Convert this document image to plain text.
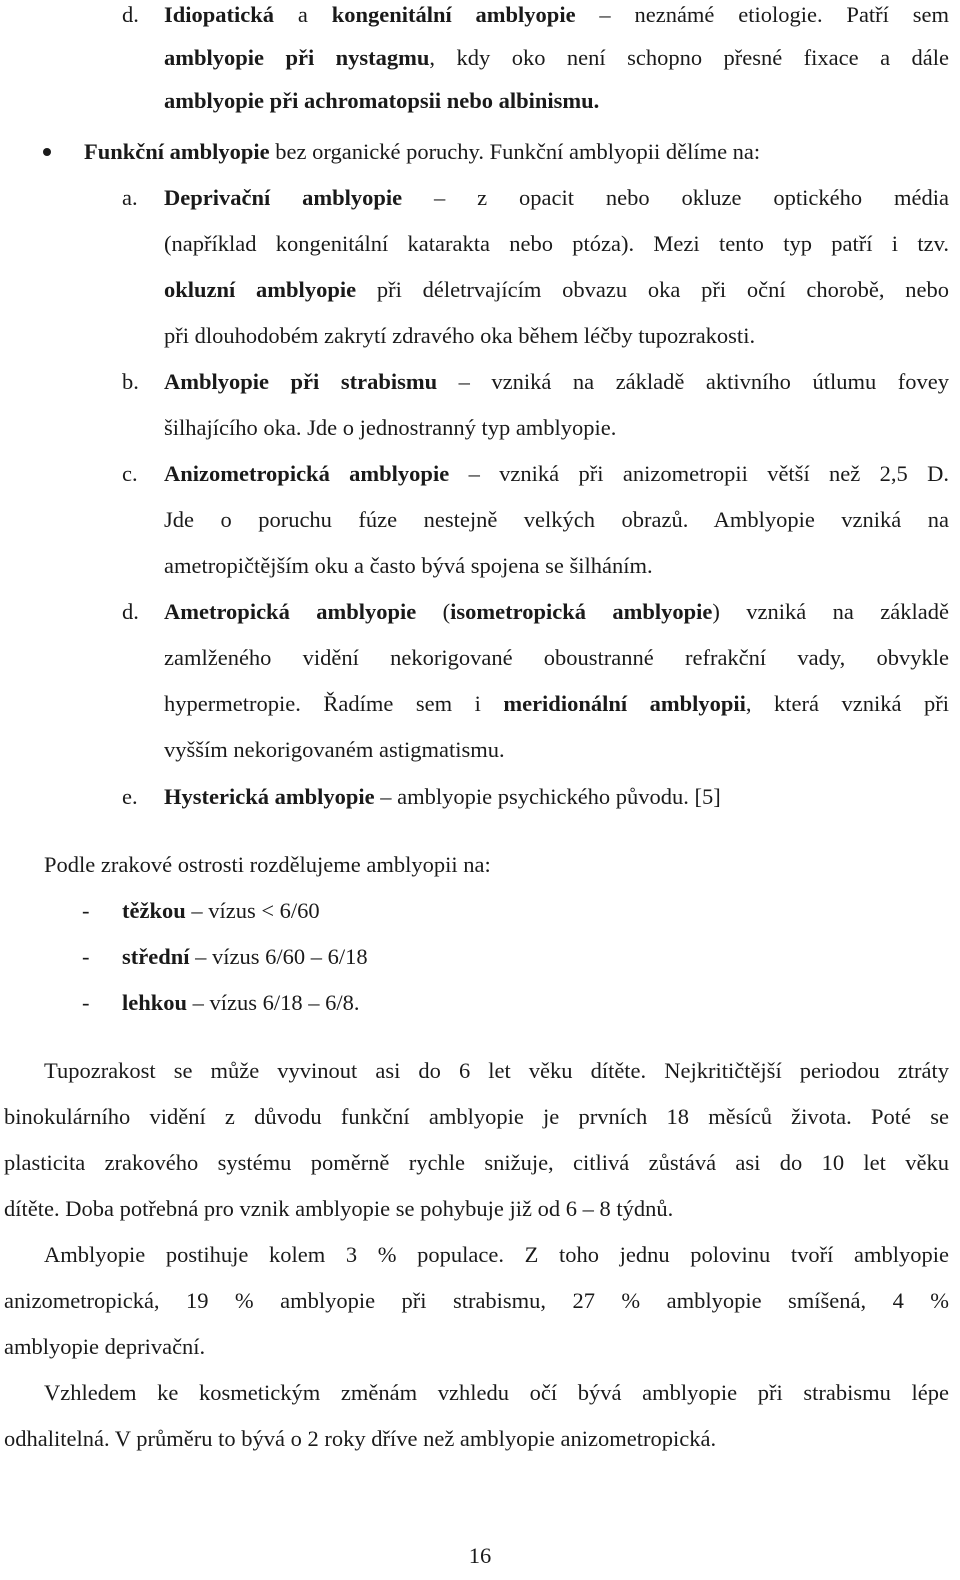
d. Idiopatická a kongenitální amblyopie – neznámé etiologie. Patří sem
amblyopie při nystagmu, kdy oko není schopno přesné fixace a dále
amblyopie při achromatopsii nebo albinismu.
Funkční amblyopie bez organické poruchy. Funkční amblyopii dělíme na:
a. Deprivační amblyopie – z opacit nebo okluze optického média
(například kongenitální katarakta nebo ptóza). Mezi tento typ patří i tzv.
okluzní amblyopie při déletrvajícím obvazu oka při oční chorobě, nebo
při dlouhodobém zakrytí zdravého oka během léčby tupozrakosti.
b. Amblyopie při strabismu – vzniká na základě aktivního útlumu fovey
šilhajícího oka. Jde o jednostranný typ amblyopie.
c. Anizometropická amblyopie – vzniká při anizometropii větší než 2,5 D.
Jde o poruchu fúze nestejně velkých obrazů. Amblyopie vzniká na
ametropičtějším oku a často bývá spojena se šilháním.
d. Ametropická amblyopie (isometropická amblyopie) vzniká na základě
zamlženého vidění nekorigované oboustranné refrakční vady, obvykle
hypermetropie. Řadíme sem i meridionální amblyopii, která vzniká při
vyšším nekorigovaném astigmatismu.
e. Hysterická amblyopie – amblyopie psychického původu. [5]
Podle zrakové ostrosti rozdělujeme amblyopii na:
- těžkou – vízus < 6/60
- střední – vízus 6/60 – 6/18
- lehkou – vízus 6/18 – 6/8.
Tupozrakost se může vyvinout asi do 6 let věku dítěte. Nejkritičtější periodou ztráty
binokulárního vidění z důvodu funkční amblyopie je prvních 18 měsíců života. Poté se
plasticita zrakového systému poměrně rychle snižuje, citlivá zůstává asi do 10 let věku
dítěte. Doba potřebná pro vznik amblyopie se pohybuje již od 6 – 8 týdnů.
Amblyopie postihuje kolem 3 % populace. Z toho jednu polovinu tvoří amblyopie
anizometropická, 19 % amblyopie při strabismu, 27 % amblyopie smíšená, 4 %
amblyopie deprivační.
Vzhledem ke kosmetickým změnám vzhledu očí bývá amblyopie při strabismu lépe
odhalitelná. V průměru to bývá o 2 roky dříve než amblyopie anizometropická.
16
